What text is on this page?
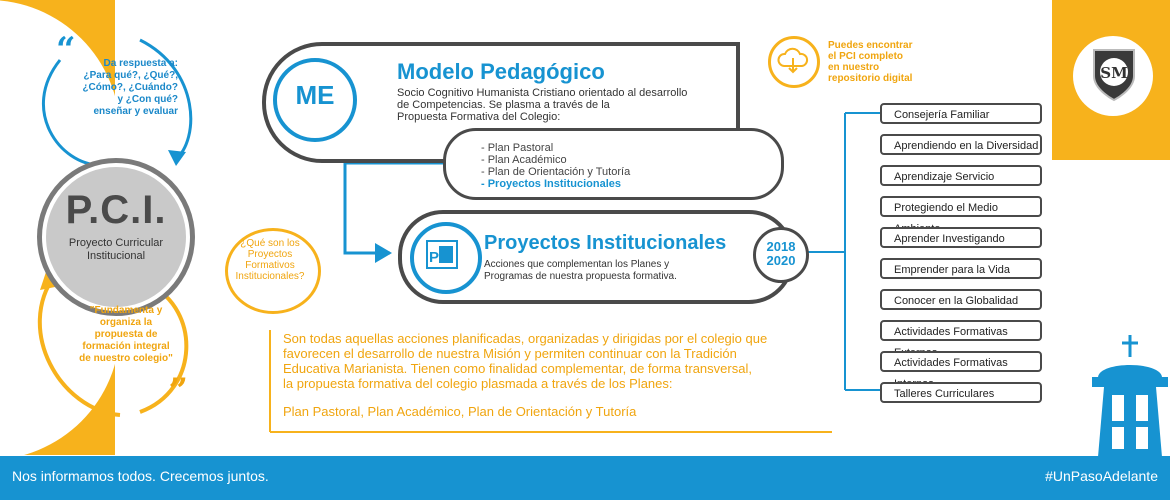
“	Da respuesta a: ¿Para qué?, ¿Qué?, ¿Cómo?, ¿Cuándo? y ¿Con qué? enseñar y evaluar
P.C.I.
Proyecto Curricular
Institucional
"Fundamenta y organiza la propuesta de formación integral de nuestro colegio"
”
ME
Modelo Pedagógico
Socio Cognitivo Humanista Cristiano orientado al desarrollo
de Competencias. Se plasma a través de la
Propuesta Formativa del Colegio:
- Plan Pastoral
- Plan Académico
- Plan de Orientación y Tutoría
- Proyectos Institucionales
P
Proyectos Institucionales
Acciones que complementan los Planes y
Programas de nuestra propuesta formativa.
2018
2020
¿Qué son los Proyectos Formativos Institucionales?
Son todas aquellas acciones planificadas, organizadas y dirigidas por el colegio que
favorecen el desarrollo de nuestra Misión y permiten continuar con la Tradición
Educativa Marianista. Tienen como finalidad complementar, de forma transversal,
la propuesta formativa del colegio plasmada a través de los Planes:
Plan Pastoral, Plan Académico, Plan de Orientación y Tutoría
Puedes encontrar
el PCI completo
en nuestro
repositorio digital	SM
Consejería Familiar
Aprendiendo en la Diversidad
Aprendizaje Servicio
Protegiendo el Medio
Aprender Investigando
Emprender para la Vida
Conocer en la Globalidad
Actividades Formativas
Actividades Formativas
Talleres Curriculares
Nos informamos todos. Crecemos juntos.	#UnPasoAdelante
